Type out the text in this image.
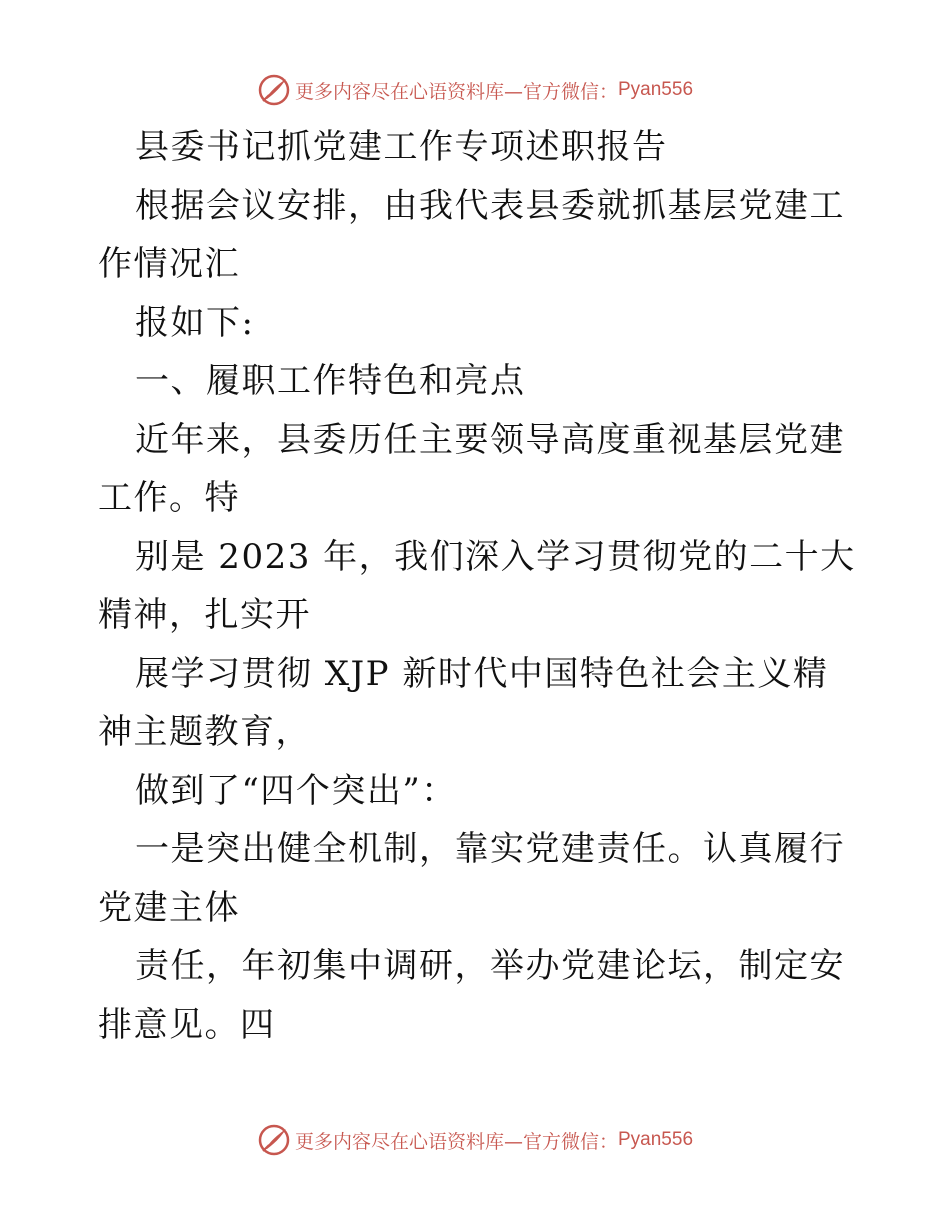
更多内容尽在心语资料库—官方微信： Pyan556

县委书记抓党建工作专项述职报告

根据会议安排，由我代表县委就抓基层党建工作情况汇

报如下:

一、履职工作特色和亮点

近年来，县委历任主要领导高度重视基层党建工作。特

别是 2023 年，我们深入学习贯彻党的二十大精神，扎实开

展学习贯彻 XJP 新时代中国特色社会主义精神主题教育，

做到了“四个突出”：

一是突出健全机制，靠实党建责任。认真履行党建主体

责任，年初集中调研，举办党建论坛，制定安排意见。四

更多内容尽在心语资料库—官方微信： Pyan556
